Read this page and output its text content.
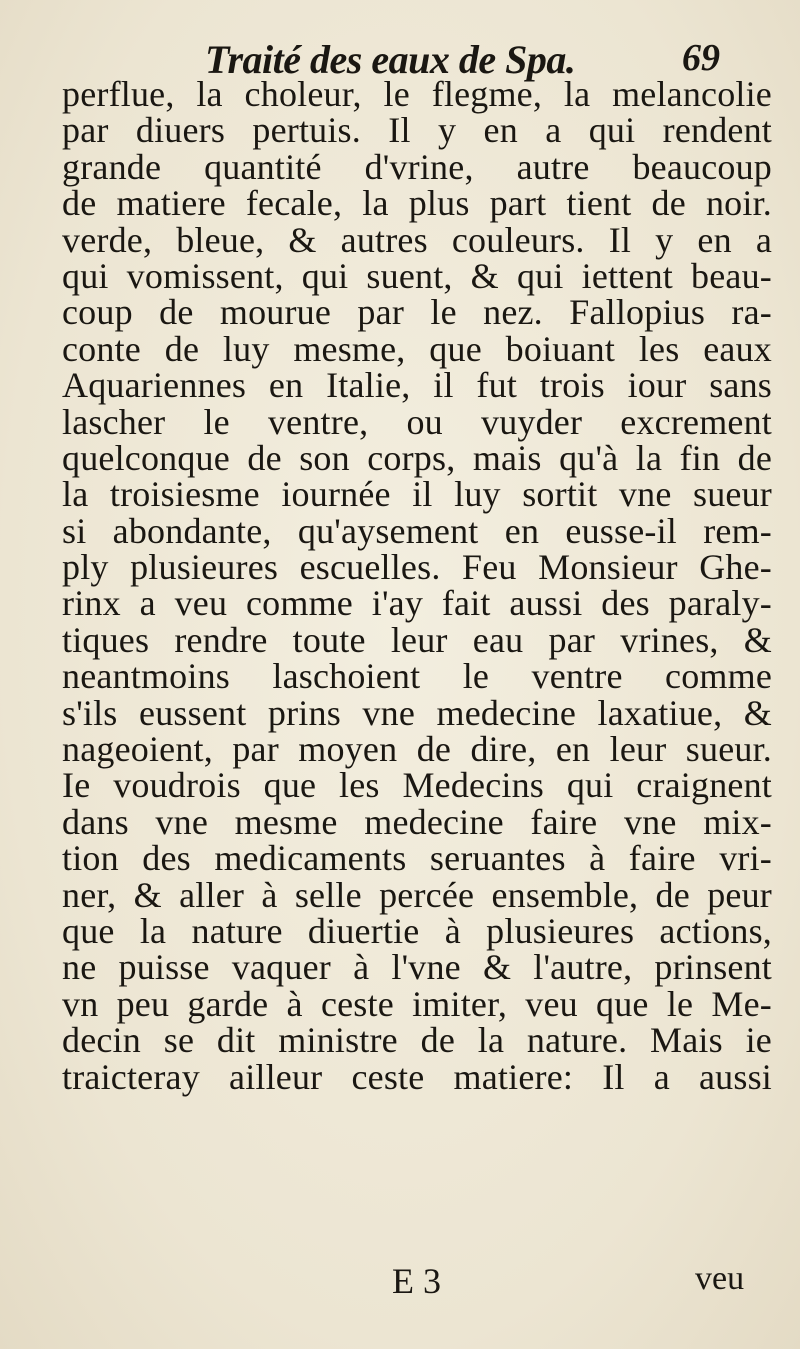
Traité des eaux de Spa.	69
perflue, la choleur, le flegme, la melancolie
par diuers pertuis. Il y en a qui rendent
grande quantité d'vrine, autre beaucoup
de matiere fecale, la plus part tient de noir.
verde, bleue, & autres couleurs. Il y en a
qui vomissent, qui suent, & qui iettent beau-
coup de mourue par le nez. Fallopius ra-
conte de luy mesme, que boiuant les eaux
Aquariennes en Italie, il fut trois iour sans
lascher le ventre, ou vuyder excrement
quelconque de son corps, mais qu'à la fin de
la troisiesme iournée il luy sortit vne sueur
si abondante, qu'aysement en eusse-il rem-
ply plusieures escuelles. Feu Monsieur Ghe-
rinx a veu comme i'ay fait aussi des paraly-
tiques rendre toute leur eau par vrines, &
neantmoins laschoient le ventre comme
s'ils eussent prins vne medecine laxatiue, &
nageoient, par moyen de dire, en leur sueur.
Ie voudrois que les Medecins qui craignent
dans vne mesme medecine faire vne mix-
tion des medicaments seruantes à faire vri-
ner, & aller à selle percée ensemble, de peur
que la nature diuertie à plusieures actions,
ne puisse vaquer à l'vne & l'autre, prinsent
vn peu garde à ceste imiter, veu que le Me-
decin se dit ministre de la nature. Mais ie
traicteray ailleur ceste matiere: Il a aussi
E 3	veu
